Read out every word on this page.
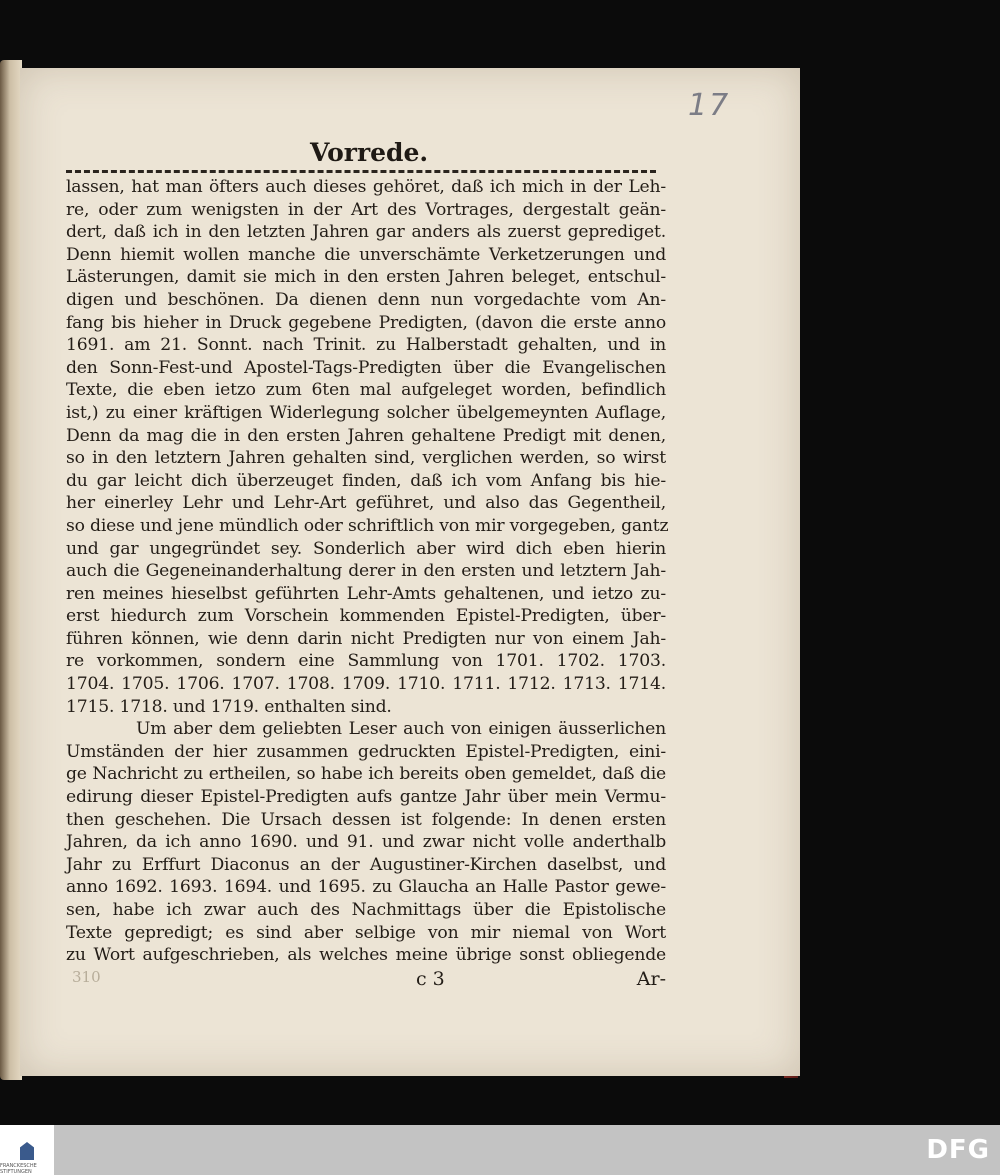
17
Vorrede.
lassen, hat man öfters auch dieses gehöret, daß ich mich in der Leh-
re, oder zum wenigsten in der Art des Vortrages, dergestalt geän-
dert, daß ich in den letzten Jahren gar anders als zuerst geprediget.
Denn hiemit wollen manche die unverschämte Verketzerungen und
Lästerungen, damit sie mich in den ersten Jahren beleget, entschul-
digen und beschönen. Da dienen denn nun vorgedachte vom An-
fang bis hieher in Druck gegebene Predigten, (davon die erste anno
1691. am 21. Sonnt. nach Trinit. zu Halberstadt gehalten, und in
den Sonn-Fest-und Apostel-Tags-Predigten über die Evangelischen
Texte, die eben ietzo zum 6ten mal aufgeleget worden, befindlich
ist,) zu einer kräftigen Widerlegung solcher übelgemeynten Auflage,
Denn da mag die in den ersten Jahren gehaltene Predigt mit denen,
so in den letztern Jahren gehalten sind, verglichen werden, so wirst
du gar leicht dich überzeuget finden, daß ich vom Anfang bis hie-
her einerley Lehr und Lehr-Art geführet, und also das Gegentheil,
so diese und jene mündlich oder schriftlich von mir vorgegeben, gantz
und gar ungegründet sey. Sonderlich aber wird dich eben hierin
auch die Gegeneinanderhaltung derer in den ersten und letztern Jah-
ren meines hieselbst geführten Lehr-Amts gehaltenen, und ietzo zu-
erst hiedurch zum Vorschein kommenden Epistel-Predigten, über-
führen können, wie denn darin nicht Predigten nur von einem Jah-
re vorkommen, sondern eine Sammlung von 1701. 1702. 1703.
1704. 1705. 1706. 1707. 1708. 1709. 1710. 1711. 1712. 1713. 1714.
1715. 1718. und 1719. enthalten sind.
Um aber dem geliebten Leser auch von einigen äusserlichen
Umständen der hier zusammen gedruckten Epistel-Predigten, eini-
ge Nachricht zu ertheilen, so habe ich bereits oben gemeldet, daß die
edirung dieser Epistel-Predigten aufs gantze Jahr über mein Vermu-
then geschehen. Die Ursach dessen ist folgende: In denen ersten
Jahren, da ich anno 1690. und 91. und zwar nicht volle anderthalb
Jahr zu Erffurt Diaconus an der Augustiner-Kirchen daselbst, und
anno 1692. 1693. 1694. und 1695. zu Glaucha an Halle Pastor gewe-
sen, habe ich zwar auch des Nachmittags über die Epistolische
Texte gepredigt; es sind aber selbige von mir niemal von Wort
zu Wort aufgeschrieben, als welches meine übrige sonst obliegende
310	c 3	Ar-
FRANCKESCHE STIFTUNGEN
DFG
